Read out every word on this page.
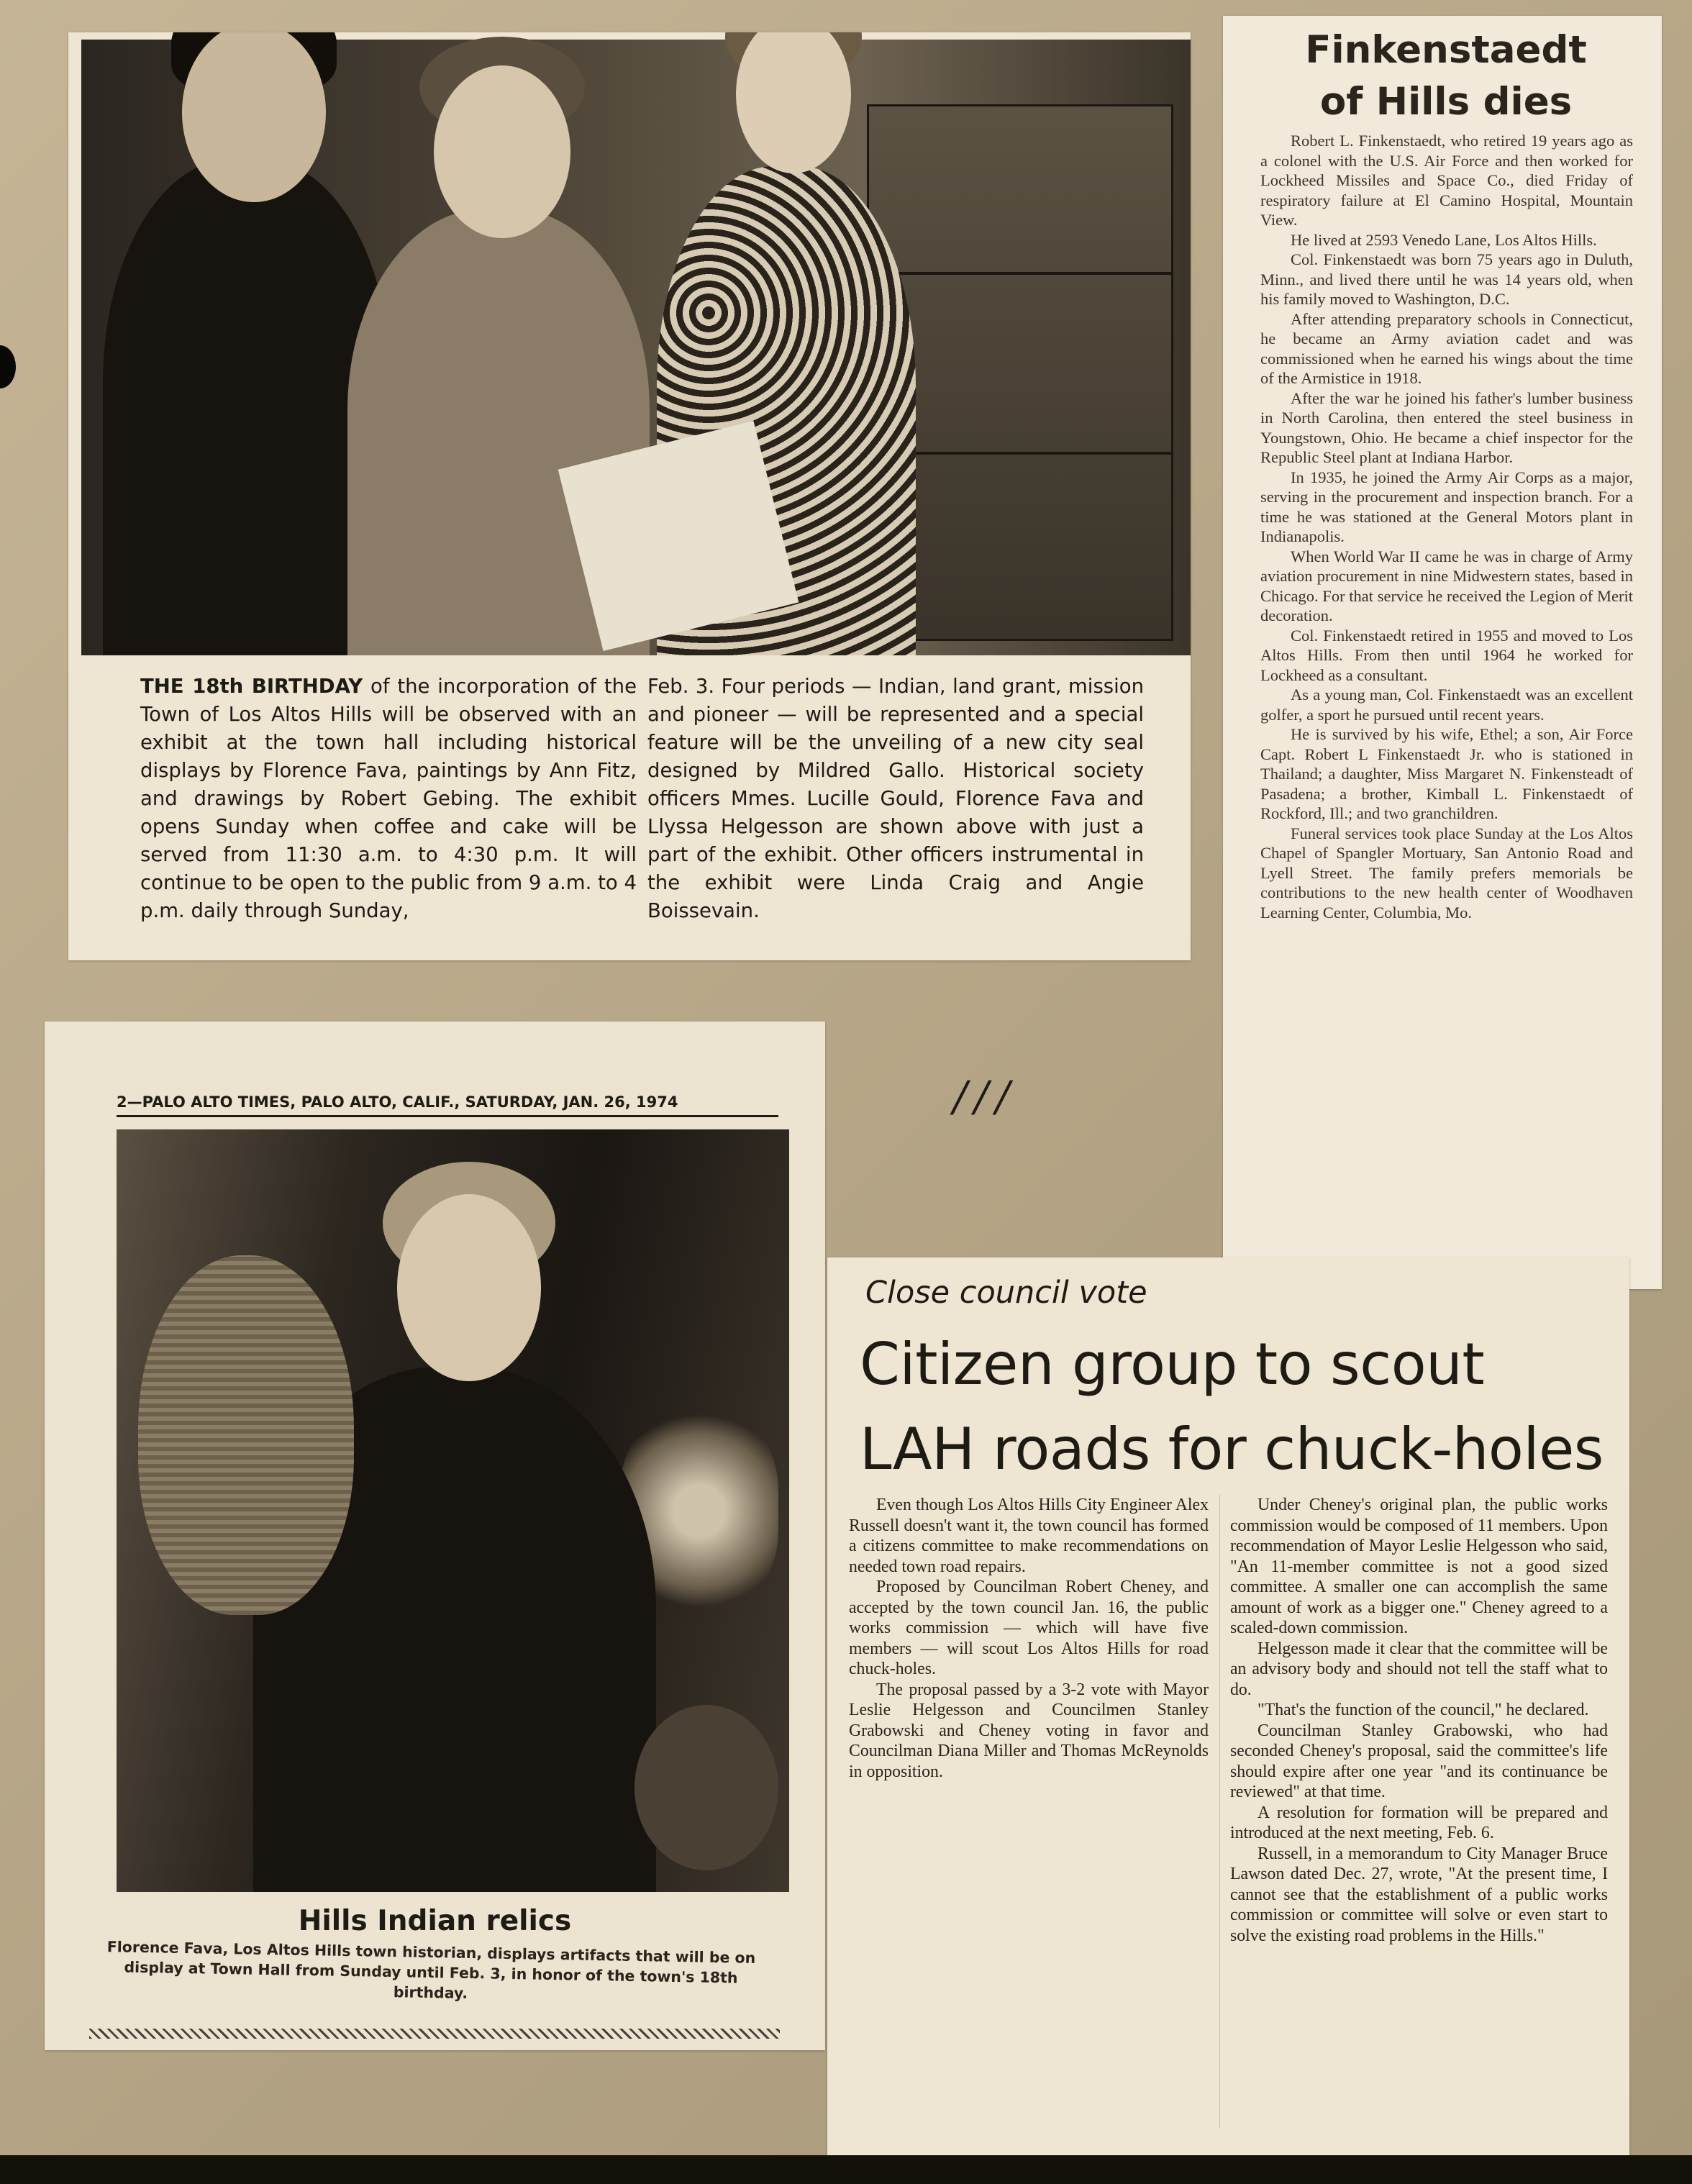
THE 18th BIRTHDAY of the incorporation of the Town of Los Altos Hills will be observed with an exhibit at the town hall including historical displays by Florence Fava, paintings by Ann Fitz, and drawings by Robert Gebing. The exhibit opens Sunday when coffee and cake will be served from 11:30 a.m. to 4:30 p.m. It will continue to be open to the public from 9 a.m. to 4 p.m. daily through Sunday,
Feb. 3. Four periods — Indian, land grant, mission and pioneer — will be represented and a special feature will be the unveiling of a new city seal designed by Mildred Gallo. Historical society officers Mmes. Lucille Gould, Florence Fava and Llyssa Helgesson are shown above with just a part of the exhibit. Other officers instrumental in the exhibit were Linda Craig and Angie Boissevain.
Finkenstaedt
of Hills dies

Robert L. Finkenstaedt, who retired 19 years ago as a colonel with the U.S. Air Force and then worked for Lockheed Missiles and Space Co., died Friday of respiratory failure at El Camino Hospital, Mountain View.

He lived at 2593 Venedo Lane, Los Altos Hills.

Col. Finkenstaedt was born 75 years ago in Duluth, Minn., and lived there until he was 14 years old, when his family moved to Washington, D.C.

After attending preparatory schools in Connecticut, he became an Army aviation cadet and was commissioned when he earned his wings about the time of the Armistice in 1918.

After the war he joined his father's lumber business in North Carolina, then entered the steel business in Youngstown, Ohio. He became a chief inspector for the Republic Steel plant at Indiana Harbor.

In 1935, he joined the Army Air Corps as a major, serving in the procurement and inspection branch. For a time he was stationed at the General Motors plant in Indianapolis.

When World War II came he was in charge of Army aviation procurement in nine Midwestern states, based in Chicago. For that service he received the Legion of Merit decoration.

Col. Finkenstaedt retired in 1955 and moved to Los Altos Hills. From then until 1964 he worked for Lockheed as a consultant.

As a young man, Col. Finkenstaedt was an excellent golfer, a sport he pursued until recent years.

He is survived by his wife, Ethel; a son, Air Force Capt. Robert L Finkenstaedt Jr. who is stationed in Thailand; a daughter, Miss Margaret N. Finkensteadt of Pasadena; a brother, Kimball L. Finkenstaedt of Rockford, Ill.; and two granchildren.

Funeral services took place Sunday at the Los Altos Chapel of Spangler Mortuary, San Antonio Road and Lyell Street. The family prefers memorials be contributions to the new health center of Woodhaven Learning Center, Columbia, Mo.

2—PALO ALTO TIMES, PALO ALTO, CALIF., SATURDAY, JAN. 26, 1974
Hills Indian relics
Florence Fava, Los Altos Hills town historian, displays artifacts that will be on display at Town Hall from Sunday until Feb. 3, in honor of the town's 18th birthday.
///
Close council vote
Citizen group to scout
LAH roads for chuck-holes

Even though Los Altos Hills City Engineer Alex Russell doesn't want it, the town council has formed a citizens committee to make recommendations on needed town road repairs.

Proposed by Councilman Robert Cheney, and accepted by the town council Jan. 16, the public works commission — which will have five members — will scout Los Altos Hills for road chuck-holes.

The proposal passed by a 3-2 vote with Mayor Leslie Helgesson and Councilmen Stanley Grabowski and Cheney voting in favor and Councilman Diana Miller and Thomas McReynolds in opposition.

Under Cheney's original plan, the public works commission would be composed of 11 members. Upon recommendation of Mayor Leslie Helgesson who said, "An 11-member committee is not a good sized committee. A smaller one can accomplish the same amount of work as a bigger one." Cheney agreed to a scaled-down commission.

Helgesson made it clear that the committee will be an advisory body and should not tell the staff what to do.

"That's the function of the council," he declared.

Councilman Stanley Grabowski, who had seconded Cheney's proposal, said the committee's life should expire after one year "and its continuance be reviewed" at that time.

A resolution for formation will be prepared and introduced at the next meeting, Feb. 6.

Russell, in a memorandum to City Manager Bruce Lawson dated Dec. 27, wrote, "At the present time, I cannot see that the establishment of a public works commission or committee will solve or even start to solve the existing road problems in the Hills."
